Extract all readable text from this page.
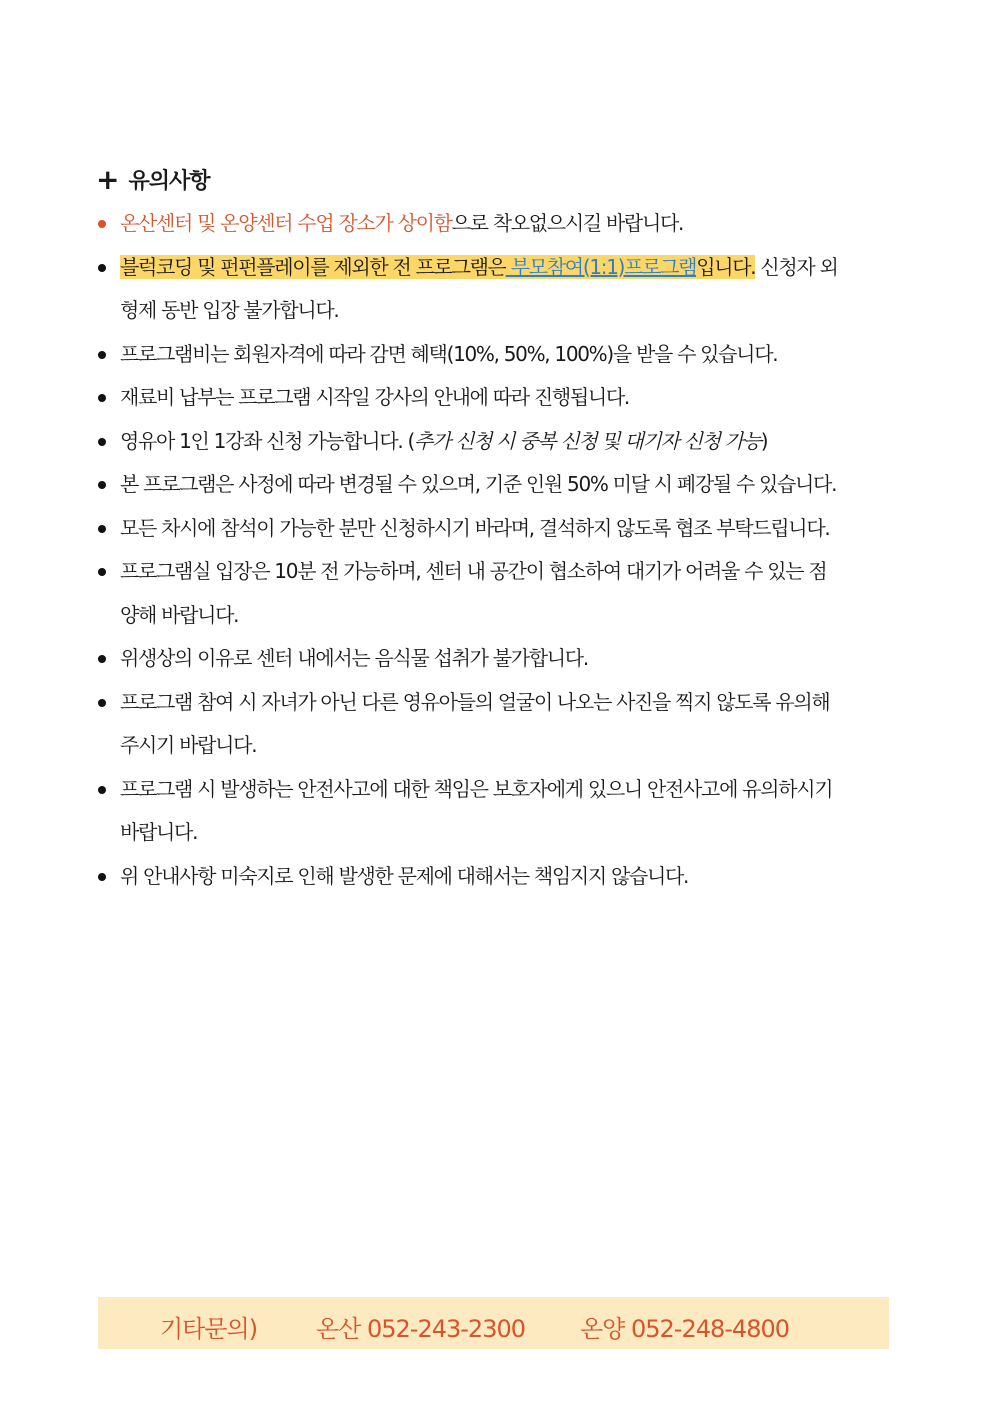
+ 유의사항
온산센터 및 온양센터 수업 장소가 상이함으로 착오없으시길 바랍니다.
블럭코딩 및 펀펀플레이를 제외한 전 프로그램은 부모참여(1:1)프로그램입니다. 신청자 외
형제 동반 입장 불가합니다.
프로그램비는 회원자격에 따라 감면 혜택(10%, 50%, 100%)을 받을 수 있습니다.
재료비 납부는 프로그램 시작일 강사의 안내에 따라 진행됩니다.
영유아 1인 1강좌 신청 가능합니다. (추가 신청 시 중복 신청 및 대기자 신청 가능)
본 프로그램은 사정에 따라 변경될 수 있으며, 기준 인원 50% 미달 시 폐강될 수 있습니다.
모든 차시에 참석이 가능한 분만 신청하시기 바라며, 결석하지 않도록 협조 부탁드립니다.
프로그램실 입장은 10분 전 가능하며, 센터 내 공간이 협소하여 대기가 어려울 수 있는 점
양해 바랍니다.
위생상의 이유로 센터 내에서는 음식물 섭취가 불가합니다.
프로그램 참여 시 자녀가 아닌 다른 영유아들의 얼굴이 나오는 사진을 찍지 않도록 유의해
주시기 바랍니다.
프로그램 시 발생하는 안전사고에 대한 책임은 보호자에게 있으니 안전사고에 유의하시기
바랍니다.
위 안내사항 미숙지로 인해 발생한 문제에 대해서는 책임지지 않습니다.
기타문의) 온산 052-243-2300 온양 052-248-4800
